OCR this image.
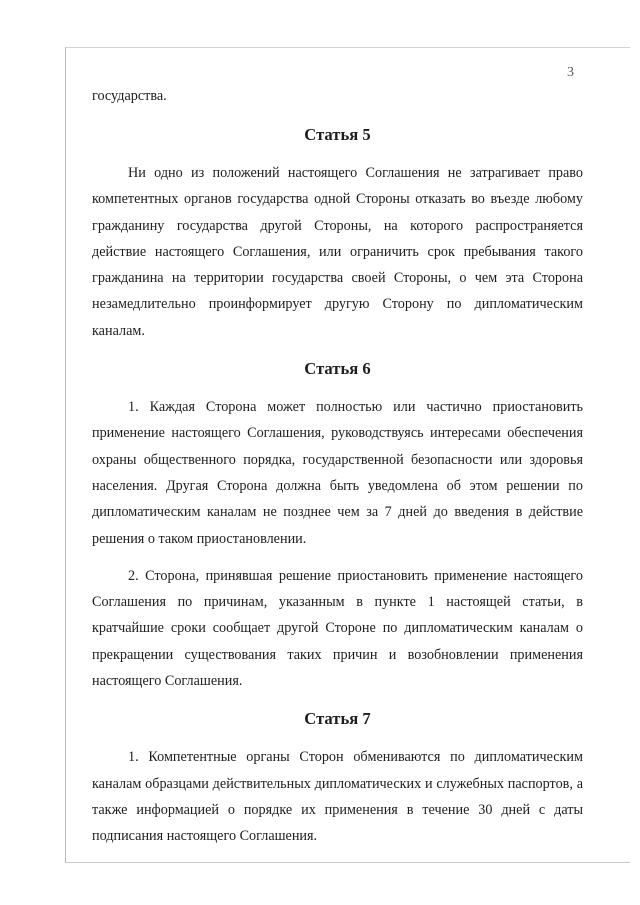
3

государства.

Статья 5

Ни одно из положений настоящего Соглашения не затрагивает право компетентных органов государства одной Стороны отказать во въезде любому гражданину государства другой Стороны, на которого распространяется действие настоящего Соглашения, или ограничить срок пребывания такого гражданина на территории государства своей Стороны, о чем эта Сторона незамедлительно проинформирует другую Сторону по дипломатическим каналам.

Статья 6

1. Каждая Сторона может полностью или частично приостановить применение настоящего Соглашения, руководствуясь интересами обеспечения охраны общественного порядка, государственной безопасности или здоровья населения. Другая Сторона должна быть уведомлена об этом решении по дипломатическим каналам не позднее чем за 7 дней до введения в действие решения о таком приостановлении.

2. Сторона, принявшая решение приостановить применение настоящего Соглашения по причинам, указанным в пункте 1 настоящей статьи, в кратчайшие сроки сообщает другой Стороне по дипломатическим каналам о прекращении существования таких причин и возобновлении применения настоящего Соглашения.

Статья 7

1. Компетентные органы Сторон обмениваются по дипломатическим каналам образцами действительных дипломатических и служебных паспортов, а также информацией о порядке их применения в течение 30 дней с даты подписания настоящего Соглашения.
